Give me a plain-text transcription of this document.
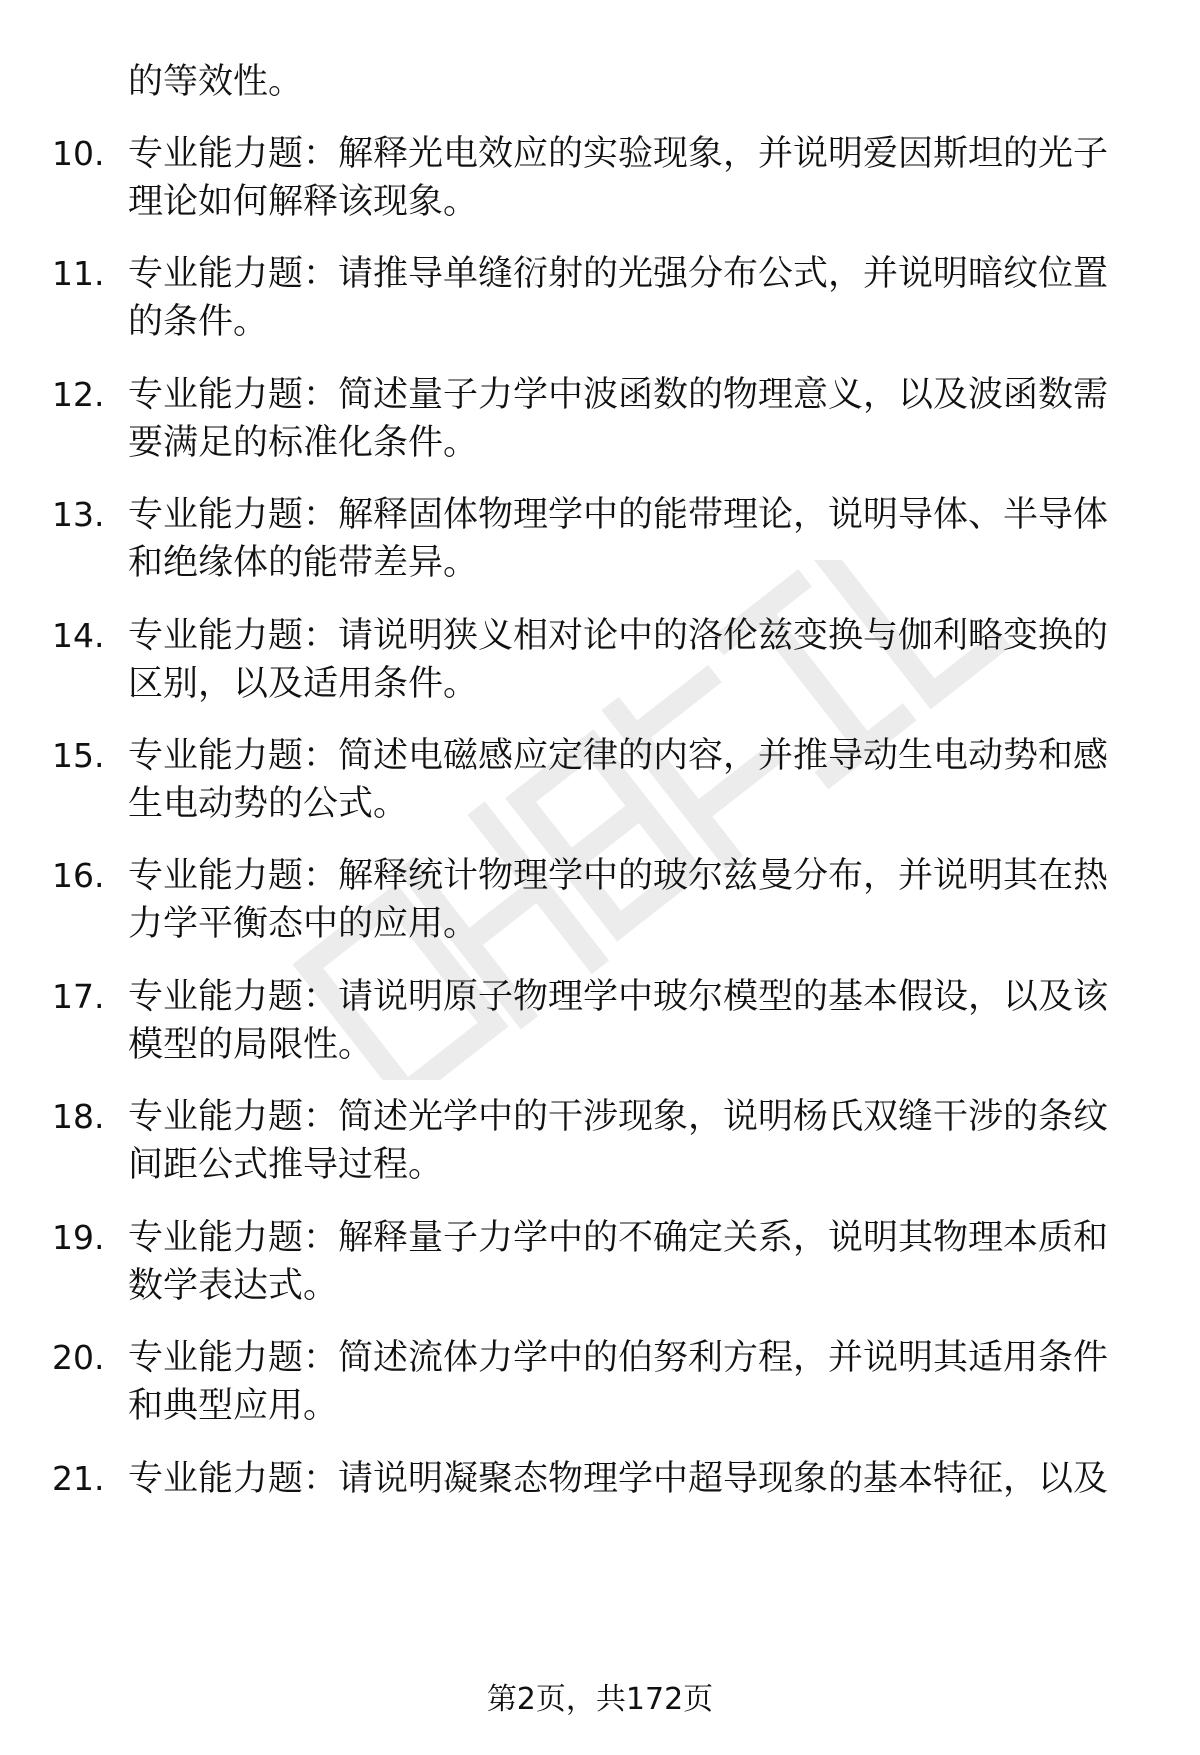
的等效性。

10. 专业能力题：解释光电效应的实验现象，并说明爱因斯坦的光子
理论如何解释该现象。
11. 专业能力题：请推导单缝衍射的光强分布公式，并说明暗纹位置
的条件。
12. 专业能力题：简述量子力学中波函数的物理意义，以及波函数需
要满足的标准化条件。
13. 专业能力题：解释固体物理学中的能带理论，说明导体、半导体
和绝缘体的能带差异。
14. 专业能力题：请说明狭义相对论中的洛伦兹变换与伽利略变换的
区别，以及适用条件。
15. 专业能力题：简述电磁感应定律的内容，并推导动生电动势和感
生电动势的公式。
16. 专业能力题：解释统计物理学中的玻尔兹曼分布，并说明其在热
力学平衡态中的应用。
17. 专业能力题：请说明原子物理学中玻尔模型的基本假设，以及该
模型的局限性。
18. 专业能力题：简述光学中的干涉现象，说明杨氏双缝干涉的条纹
间距公式推导过程。
19. 专业能力题：解释量子力学中的不确定关系，说明其物理本质和
数学表达式。
20. 专业能力题：简述流体力学中的伯努利方程，并说明其适用条件
和典型应用。
21. 专业能力题：请说明凝聚态物理学中超导现象的基本特征，以及
第2页，共172页
